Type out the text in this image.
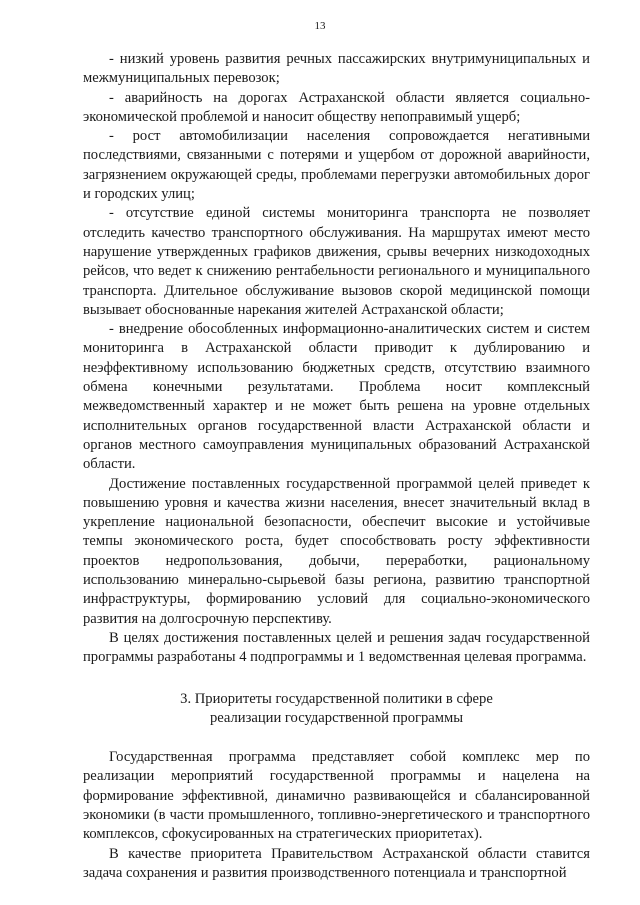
13

- низкий уровень развития речных пассажирских внутримуниципальных и межмуниципальных перевозок;

- аварийность на дорогах Астраханской области является социально-экономической проблемой и наносит обществу непоправимый ущерб;

- рост автомобилизации населения сопровождается негативными последствиями, связанными с потерями и ущербом от дорожной аварийности, загрязнением окружающей среды, проблемами перегрузки автомобильных дорог и городских улиц;

- отсутствие единой системы мониторинга транспорта не позволяет отследить качество транспортного обслуживания. На маршрутах имеют место нарушение утвержденных графиков движения, срывы вечерних низкодоходных рейсов, что ведет к снижению рентабельности регионального и муниципального транспорта. Длительное обслуживание вызовов скорой медицинской помощи вызывает обоснованные нарекания жителей Астраханской области;

- внедрение обособленных информационно-аналитических систем и систем мониторинга в Астраханской области приводит к дублированию и неэффективному использованию бюджетных средств, отсутствию взаимного обмена конечными результатами. Проблема носит комплексный межведомственный характер и не может быть решена на уровне отдельных исполнительных органов государственной власти Астраханской области и органов местного самоуправления муниципальных образований Астраханской области.

Достижение поставленных государственной программой целей приведет к повышению уровня и качества жизни населения, внесет значительный вклад в укрепление национальной безопасности, обеспечит высокие и устойчивые темпы экономического роста, будет способствовать росту эффективности проектов недропользования, добычи, переработки, рациональному использованию минерально-сырьевой базы региона, развитию транспортной инфраструктуры, формированию условий для социально-экономического развития на долгосрочную перспективу.

В целях достижения поставленных целей и решения задач государственной программы разработаны 4 подпрограммы и 1 ведомственная целевая программа.

3. Приоритеты государственной политики в сфере
реализации государственной программы

Государственная программа представляет собой комплекс мер по реализации мероприятий государственной программы и нацелена на формирование эффективной, динамично развивающейся и сбалансированной экономики (в части промышленного, топливно-энергетического и транспортного комплексов, сфокусированных на стратегических приоритетах).

В качестве приоритета Правительством Астраханской области ставится задача сохранения и развития производственного потенциала и транспортной
